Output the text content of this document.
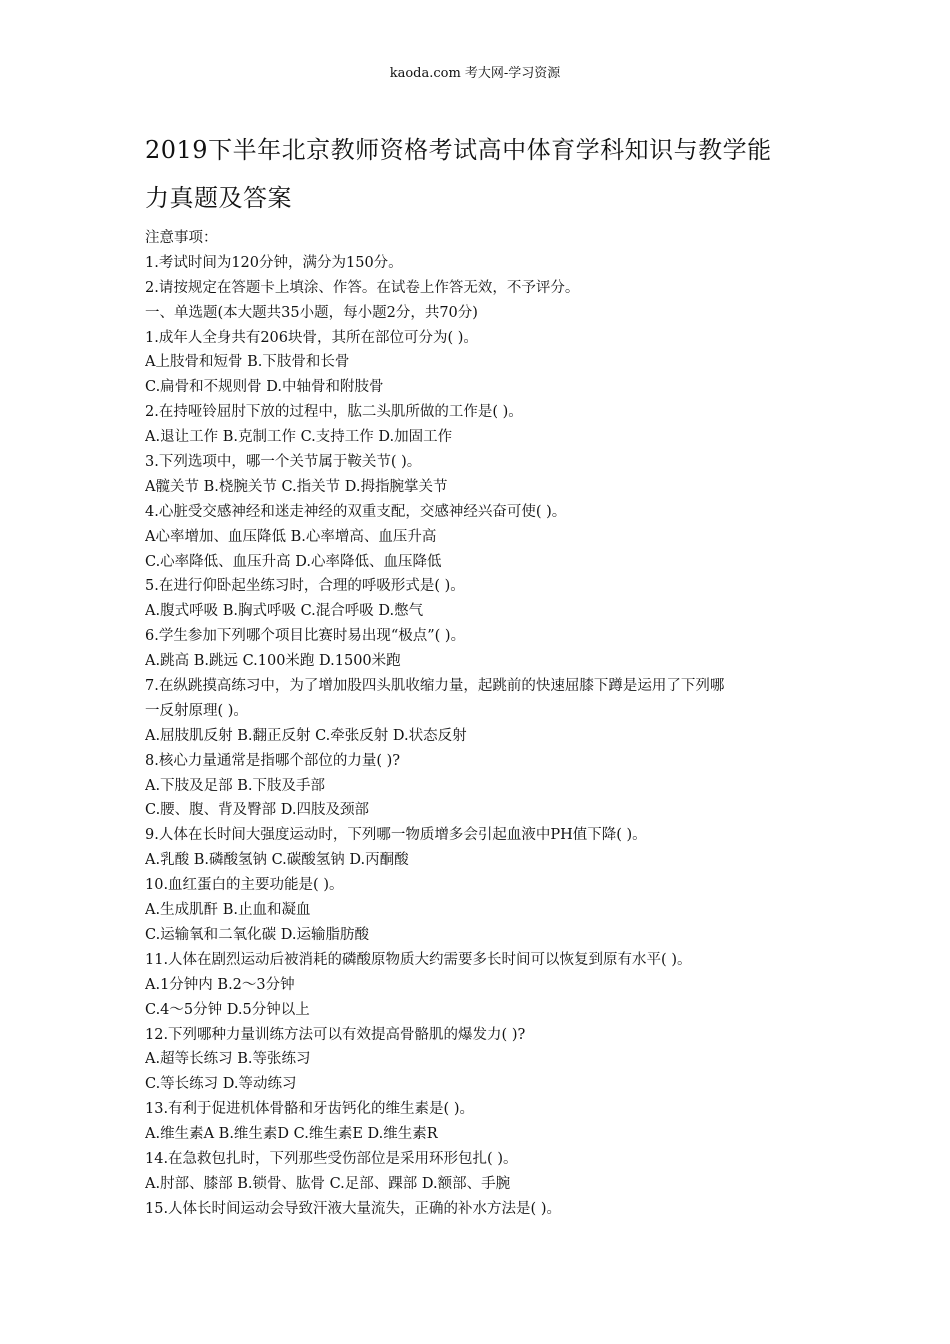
kaoda.com 考大网-学习资源
2019下半年北京教师资格考试高中体育学科知识与教学能
力真题及答案
注意事项：
1.考试时间为120分钟，满分为150分。
2.请按规定在答题卡上填涂、作答。在试卷上作答无效，不予评分。
一、单选题(本大题共35小题，每小题2分，共70分)
1.成年人全身共有206块骨，其所在部位可分为( )。
A上肢骨和短骨 B.下肢骨和长骨
C.扁骨和不规则骨 D.中轴骨和附肢骨
2.在持哑铃屈肘下放的过程中，肱二头肌所做的工作是( )。
A.退让工作 B.克制工作 C.支持工作 D.加固工作
3.下列选项中，哪一个关节属于鞍关节( )。
A髋关节 B.桡腕关节 C.指关节 D.拇指腕掌关节
4.心脏受交感神经和迷走神经的双重支配，交感神经兴奋可使( )。
A心率增加、血压降低 B.心率增高、血压升高
C.心率降低、血压升高 D.心率降低、血压降低
5.在进行仰卧起坐练习时，合理的呼吸形式是( )。
A.腹式呼吸 B.胸式呼吸 C.混合呼吸 D.憋气
6.学生参加下列哪个项目比赛时易出现“极点”( )。
A.跳高 B.跳远 C.100米跑 D.1500米跑
7.在纵跳摸高练习中，为了增加股四头肌收缩力量，起跳前的快速屈膝下蹲是运用了下列哪
一反射原理( )。
A.屈肢肌反射 B.翻正反射 C.牵张反射 D.状态反射
8.核心力量通常是指哪个部位的力量( )?
A.下肢及足部 B.下肢及手部
C.腰、腹、背及臀部 D.四肢及颈部
9.人体在长时间大强度运动时，下列哪一物质增多会引起血液中PH值下降( )。
A.乳酸 B.磷酸氢钠 C.碳酸氢钠 D.丙酮酸
10.血红蛋白的主要功能是( )。
A.生成肌酐 B.止血和凝血
C.运输氧和二氧化碳 D.运输脂肪酸
11.人体在剧烈运动后被消耗的磷酸原物质大约需要多长时间可以恢复到原有水平( )。
A.1分钟内 B.2～3分钟
C.4～5分钟 D.5分钟以上
12.下列哪种力量训练方法可以有效提高骨骼肌的爆发力( )?
A.超等长练习 B.等张练习
C.等长练习 D.等动练习
13.有利于促进机体骨骼和牙齿钙化的维生素是( )。
A.维生素A B.维生素D C.维生素E D.维生素R
14.在急救包扎时，下列那些受伤部位是采用环形包扎( )。
A.肘部、膝部 B.锁骨、肱骨 C.足部、踝部 D.额部、手腕
15.人体长时间运动会导致汗液大量流失，正确的补水方法是( )。
